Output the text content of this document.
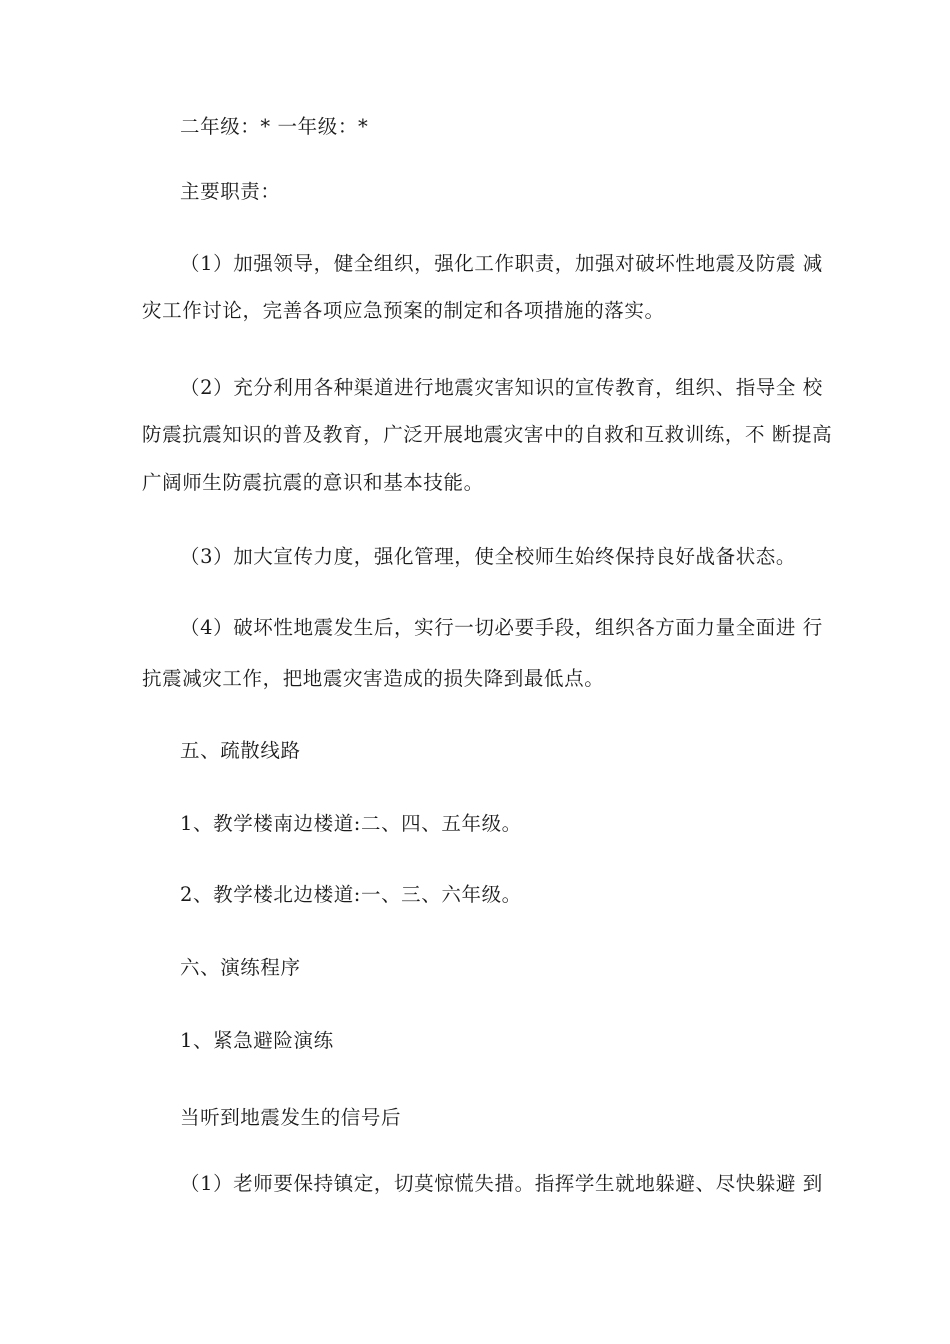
二年级：* 一年级：*
主要职责：
（1）加强领导，健全组织，强化工作职责，加强对破坏性地震及防震 减
灾工作讨论，完善各项应急预案的制定和各项措施的落实。
（2）充分利用各种渠道进行地震灾害知识的宣传教育，组织、指导全 校
防震抗震知识的普及教育，广泛开展地震灾害中的自救和互救训练，不 断提高
广阔师生防震抗震的意识和基本技能。
（3）加大宣传力度，强化管理，使全校师生始终保持良好战备状态。
（4）破坏性地震发生后，实行一切必要手段，组织各方面力量全面进 行
抗震减灾工作，把地震灾害造成的损失降到最低点。
五、疏散线路
1、教学楼南边楼道:二、四、五年级。
2、教学楼北边楼道:一、三、六年级。
六、演练程序
1、紧急避险演练
当听到地震发生的信号后
（1）老师要保持镇定，切莫惊慌失措。指挥学生就地躲避、尽快躲避 到
